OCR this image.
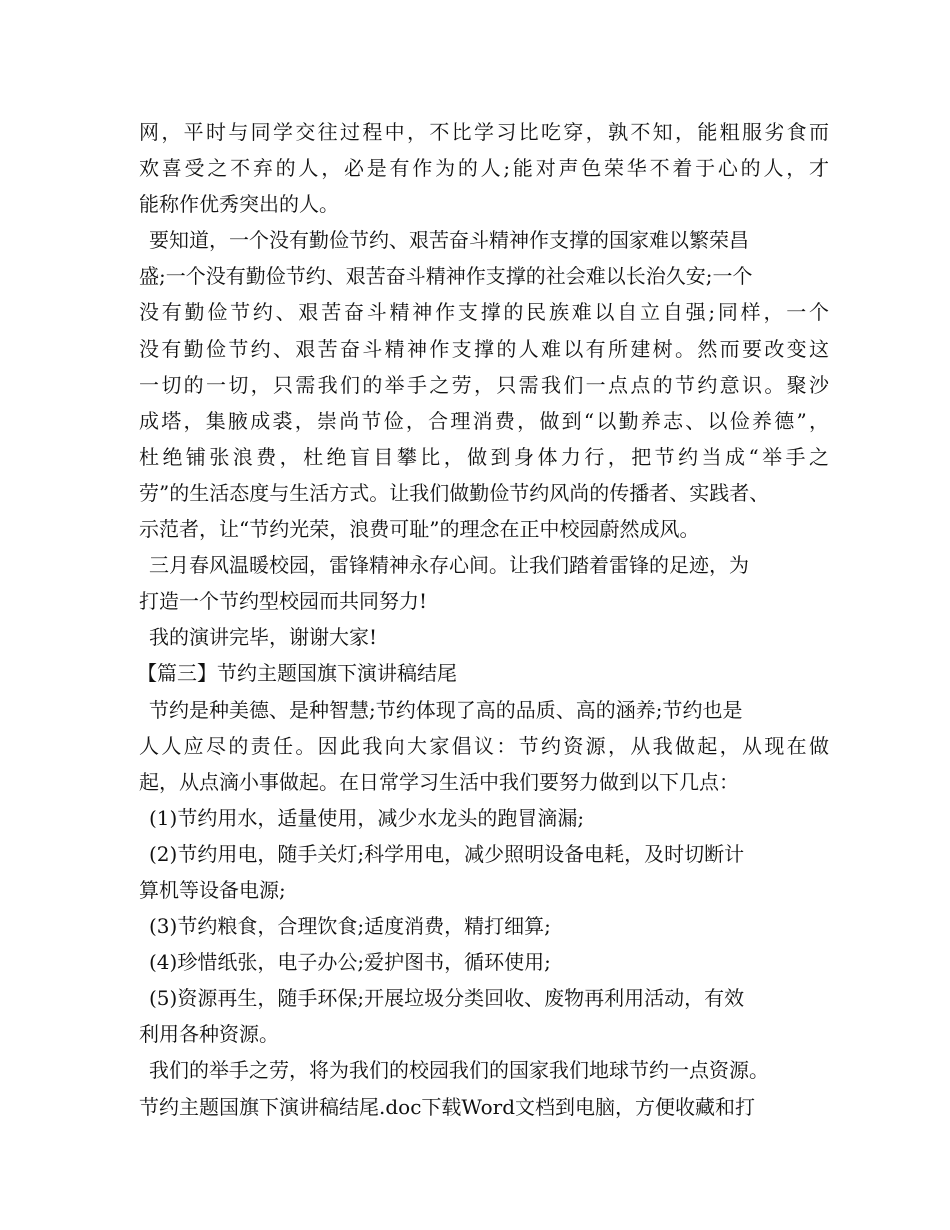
网，平时与同学交往过程中，不比学习比吃穿，孰不知，能粗服劣食而
欢喜受之不弃的人，必是有作为的人;能对声色荣华不着于心的人，才
能称作优秀突出的人。
要知道，一个没有勤俭节约、艰苦奋斗精神作支撑的国家难以繁荣昌
盛;一个没有勤俭节约、艰苦奋斗精神作支撑的社会难以长治久安;一个
没有勤俭节约、艰苦奋斗精神作支撑的民族难以自立自强;同样，一个
没有勤俭节约、艰苦奋斗精神作支撑的人难以有所建树。然而要改变这
一切的一切，只需我们的举手之劳，只需我们一点点的节约意识。聚沙
成塔，集腋成裘，崇尚节俭，合理消费，做到“以勤养志、以俭养德”，
杜绝铺张浪费，杜绝盲目攀比，做到身体力行，把节约当成“举手之
劳”的生活态度与生活方式。让我们做勤俭节约风尚的传播者、实践者、
示范者，让“节约光荣，浪费可耻”的理念在正中校园蔚然成风。
三月春风温暖校园，雷锋精神永存心间。让我们踏着雷锋的足迹，为
打造一个节约型校园而共同努力!
我的演讲完毕，谢谢大家!
【篇三】节约主题国旗下演讲稿结尾
节约是种美德、是种智慧;节约体现了高的品质、高的涵养;节约也是
人人应尽的责任。因此我向大家倡议：节约资源，从我做起，从现在做
起，从点滴小事做起。在日常学习生活中我们要努力做到以下几点：
(1)节约用水，适量使用，减少水龙头的跑冒滴漏;
(2)节约用电，随手关灯;科学用电，减少照明设备电耗，及时切断计
算机等设备电源;
(3)节约粮食，合理饮食;适度消费，精打细算;
(4)珍惜纸张，电子办公;爱护图书，循环使用;
(5)资源再生，随手环保;开展垃圾分类回收、废物再利用活动，有效
利用各种资源。
我们的举手之劳，将为我们的校园我们的国家我们地球节约一点资源。
节约主题国旗下演讲稿结尾.doc下载Word文档到电脑，方便收藏和打
